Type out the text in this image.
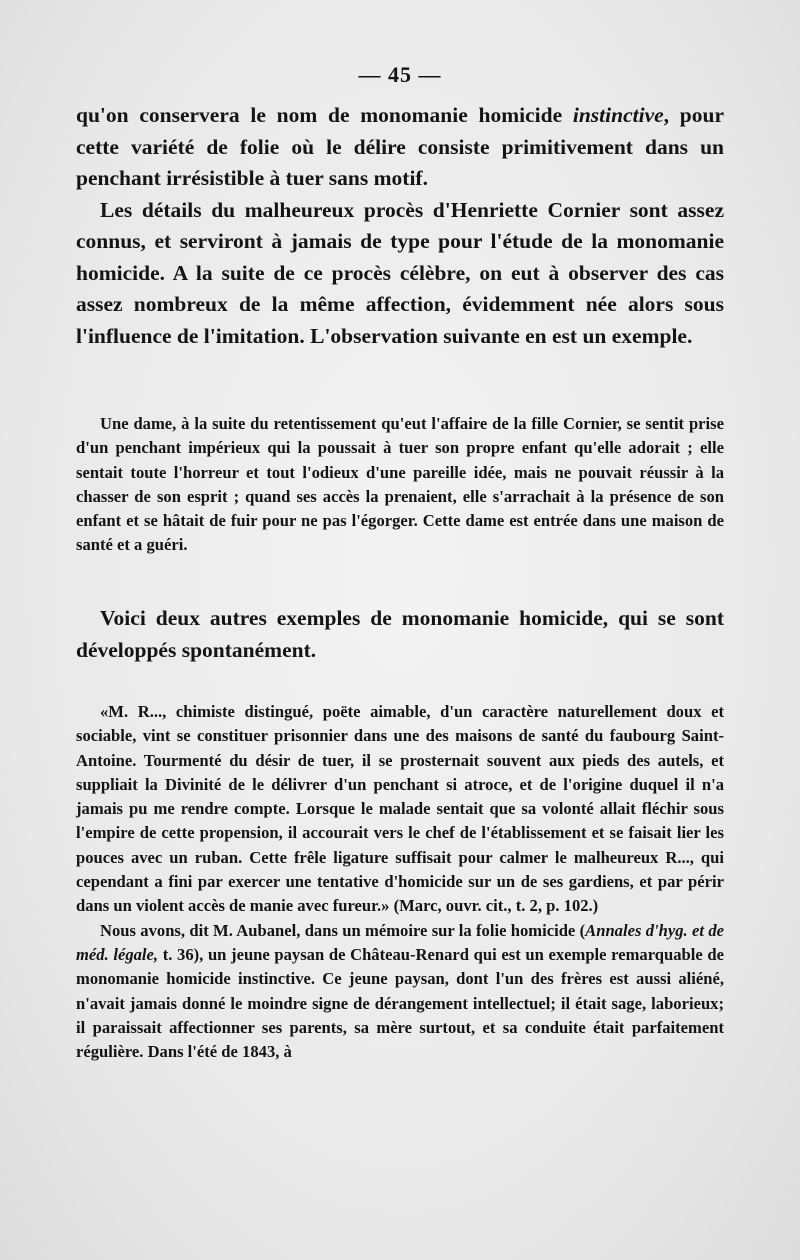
— 45 —

qu'on conservera le nom de monomanie homicide instinctive, pour cette variété de folie où le délire consiste primitivement dans un penchant irrésistible à tuer sans motif.

Les détails du malheureux procès d'Henriette Cornier sont assez connus, et serviront à jamais de type pour l'étude de la monomanie homicide. A la suite de ce procès célèbre, on eut à observer des cas assez nombreux de la même affection, évidemment née alors sous l'influence de l'imitation. L'observation suivante en est un exemple.

Une dame, à la suite du retentissement qu'eut l'affaire de la fille Cornier, se sentit prise d'un penchant impérieux qui la poussait à tuer son propre enfant qu'elle adorait ; elle sentait toute l'horreur et tout l'odieux d'une pareille idée, mais ne pouvait réussir à la chasser de son esprit ; quand ses accès la prenaient, elle s'arrachait à la présence de son enfant et se hâtait de fuir pour ne pas l'égorger. Cette dame est entrée dans une maison de santé et a guéri.

Voici deux autres exemples de monomanie homicide, qui se sont développés spontanément.

«M. R..., chimiste distingué, poëte aimable, d'un caractère naturellement doux et sociable, vint se constituer prisonnier dans une des maisons de santé du faubourg Saint-Antoine. Tourmenté du désir de tuer, il se prosternait souvent aux pieds des autels, et suppliait la Divinité de le délivrer d'un penchant si atroce, et de l'origine duquel il n'a jamais pu me rendre compte. Lorsque le malade sentait que sa volonté allait fléchir sous l'empire de cette propension, il accourait vers le chef de l'établissement et se faisait lier les pouces avec un ruban. Cette frêle ligature suffisait pour calmer le malheureux R..., qui cependant a fini par exercer une tentative d'homicide sur un de ses gardiens, et par périr dans un violent accès de manie avec fureur.» (Marc, ouvr. cit., t. 2, p. 102.)

Nous avons, dit M. Aubanel, dans un mémoire sur la folie homicide (Annales d'hyg. et de méd. légale, t. 36), un jeune paysan de Château-Renard qui est un exemple remarquable de monomanie homicide instinctive. Ce jeune paysan, dont l'un des frères est aussi aliéné, n'avait jamais donné le moindre signe de dérangement intellectuel; il était sage, laborieux; il paraissait affectionner ses parents, sa mère surtout, et sa conduite était parfaitement régulière. Dans l'été de 1843, à
